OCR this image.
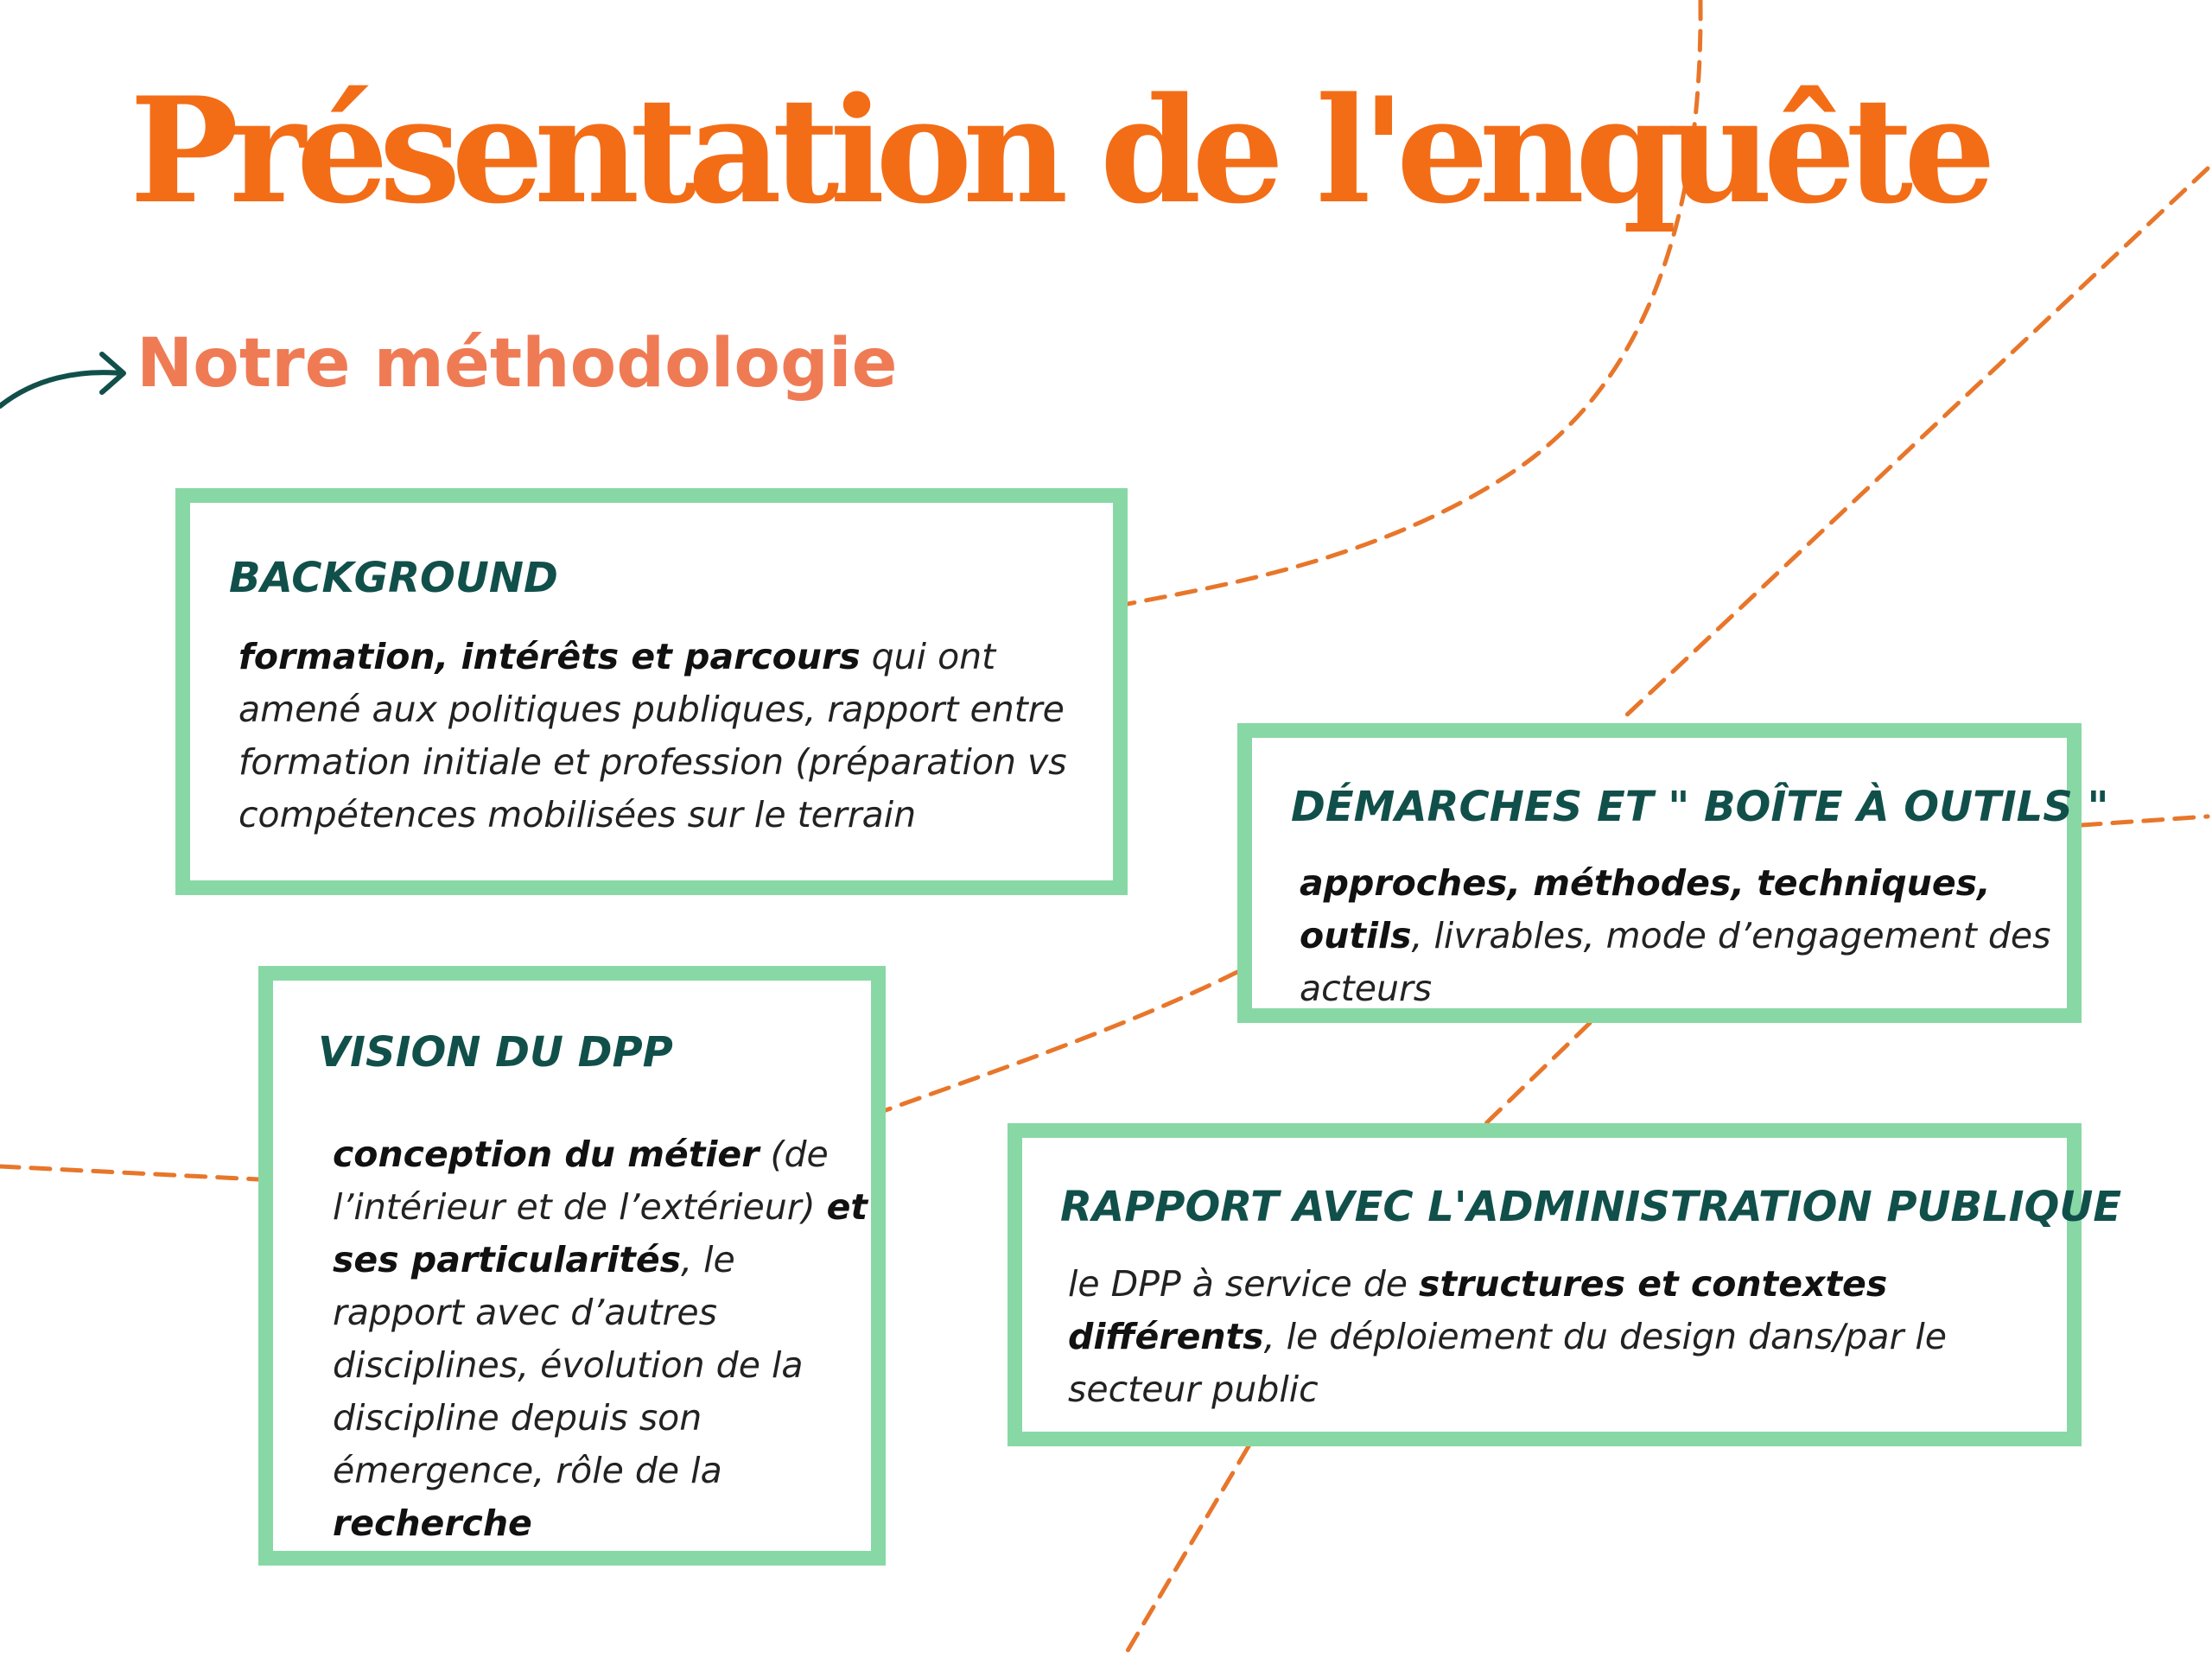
Présentation de l'enquête
Notre méthodologie
BACKGROUND

formation, intérêts et parcours qui ont amené aux politiques publiques, rapport entre formation initiale et profession (préparation vs compétences mobilisées sur le terrain	DÉMARCHES ET " BOÎTE À OUTILS "

approches, méthodes, techniques, outils, livrables, mode d’engagement des acteurs

VISION DU DPP

conception du métier (de l’intérieur et de l’extérieur) et ses particularités, le rapport avec d’autres disciplines, évolution de la discipline depuis son émergence, rôle de la recherche

RAPPORT AVEC L'ADMINISTRATION PUBLIQUE

le DPP à service de structures et contextes différents, le déploiement du design dans/par le secteur public
